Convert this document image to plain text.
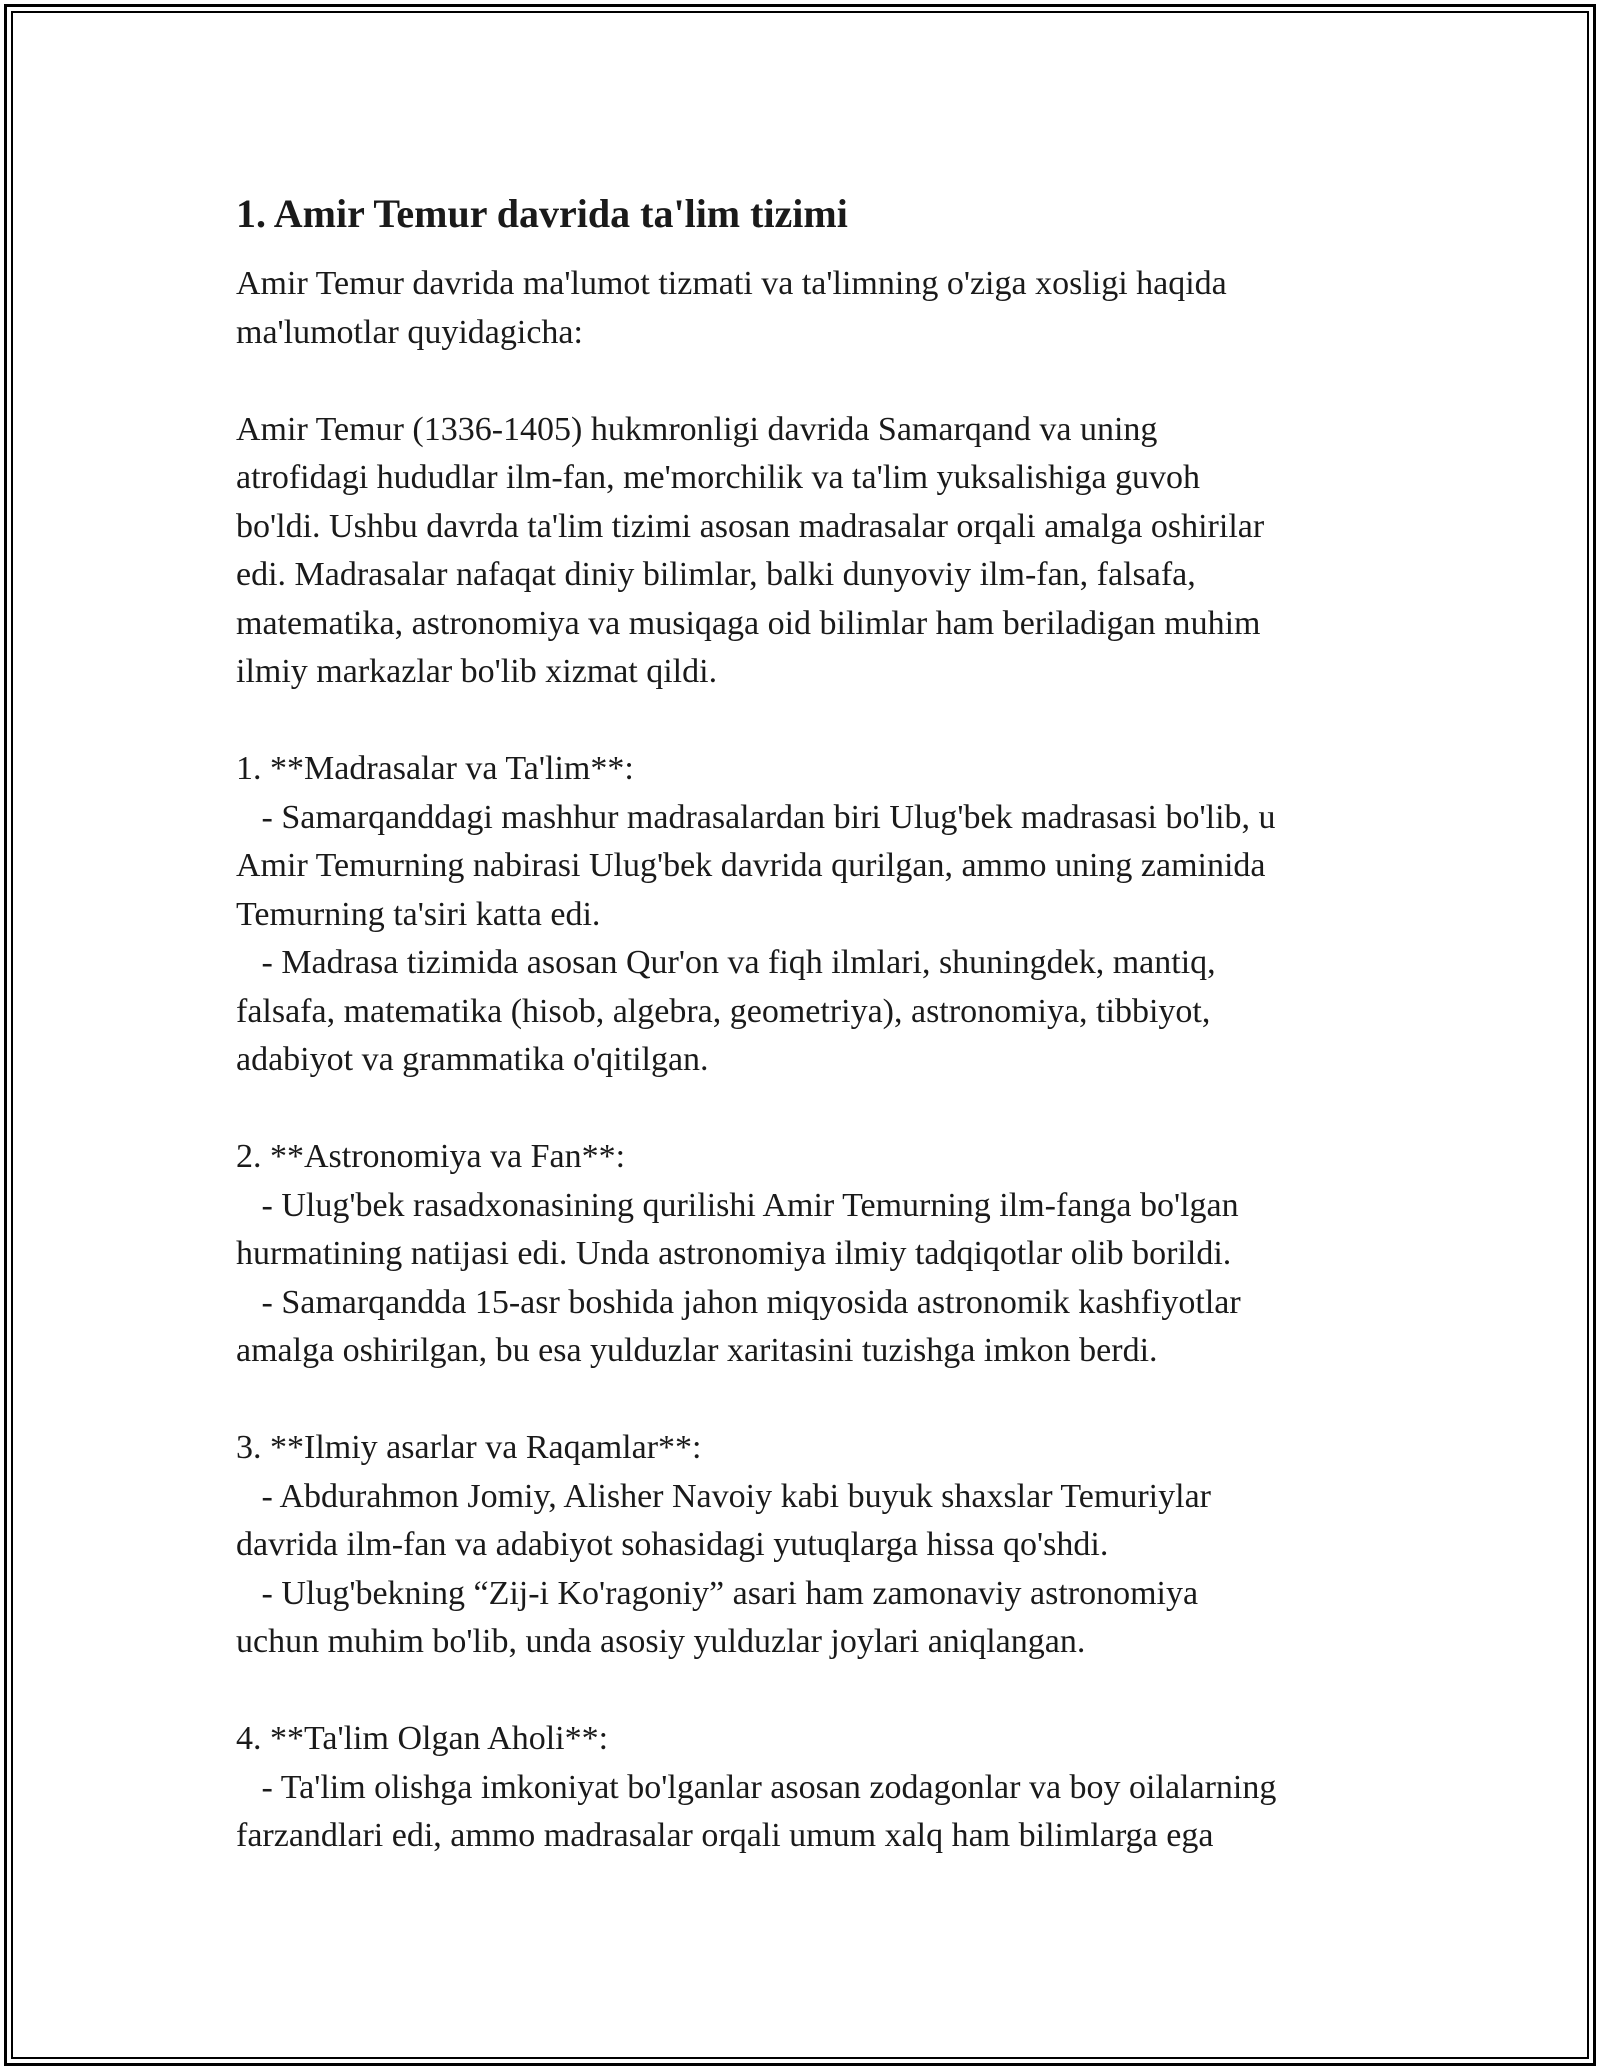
1. Amir Temur davrida ta'lim tizimi
Amir Temur davrida ma'lumot tizmati va ta'limning o'ziga xosligi haqida
ma'lumotlar quyidagicha:
Amir Temur (1336-1405) hukmronligi davrida Samarqand va uning
atrofidagi hududlar ilm-fan, me'morchilik va ta'lim yuksalishiga guvoh
bo'ldi. Ushbu davrda ta'lim tizimi asosan madrasalar orqali amalga oshirilar
edi. Madrasalar nafaqat diniy bilimlar, balki dunyoviy ilm-fan, falsafa,
matematika, astronomiya va musiqaga oid bilimlar ham beriladigan muhim
ilmiy markazlar bo'lib xizmat qildi.
1. **Madrasalar va Ta'lim**:
- Samarqanddagi mashhur madrasalardan biri Ulug'bek madrasasi bo'lib, u
Amir Temurning nabirasi Ulug'bek davrida qurilgan, ammo uning zaminida
Temurning ta'siri katta edi.
- Madrasa tizimida asosan Qur'on va fiqh ilmlari, shuningdek, mantiq,
falsafa, matematika (hisob, algebra, geometriya), astronomiya, tibbiyot,
adabiyot va grammatika o'qitilgan.
2. **Astronomiya va Fan**:
- Ulug'bek rasadxonasining qurilishi Amir Temurning ilm-fanga bo'lgan
hurmatining natijasi edi. Unda astronomiya ilmiy tadqiqotlar olib borildi.
- Samarqandda 15-asr boshida jahon miqyosida astronomik kashfiyotlar
amalga oshirilgan, bu esa yulduzlar xaritasini tuzishga imkon berdi.
3. **Ilmiy asarlar va Raqamlar**:
- Abdurahmon Jomiy, Alisher Navoiy kabi buyuk shaxslar Temuriylar
davrida ilm-fan va adabiyot sohasidagi yutuqlarga hissa qo'shdi.
- Ulug'bekning “Zij-i Ko'ragoniy” asari ham zamonaviy astronomiya
uchun muhim bo'lib, unda asosiy yulduzlar joylari aniqlangan.
4. **Ta'lim Olgan Aholi**:
- Ta'lim olishga imkoniyat bo'lganlar asosan zodagonlar va boy oilalarning
farzandlari edi, ammo madrasalar orqali umum xalq ham bilimlarga ega
